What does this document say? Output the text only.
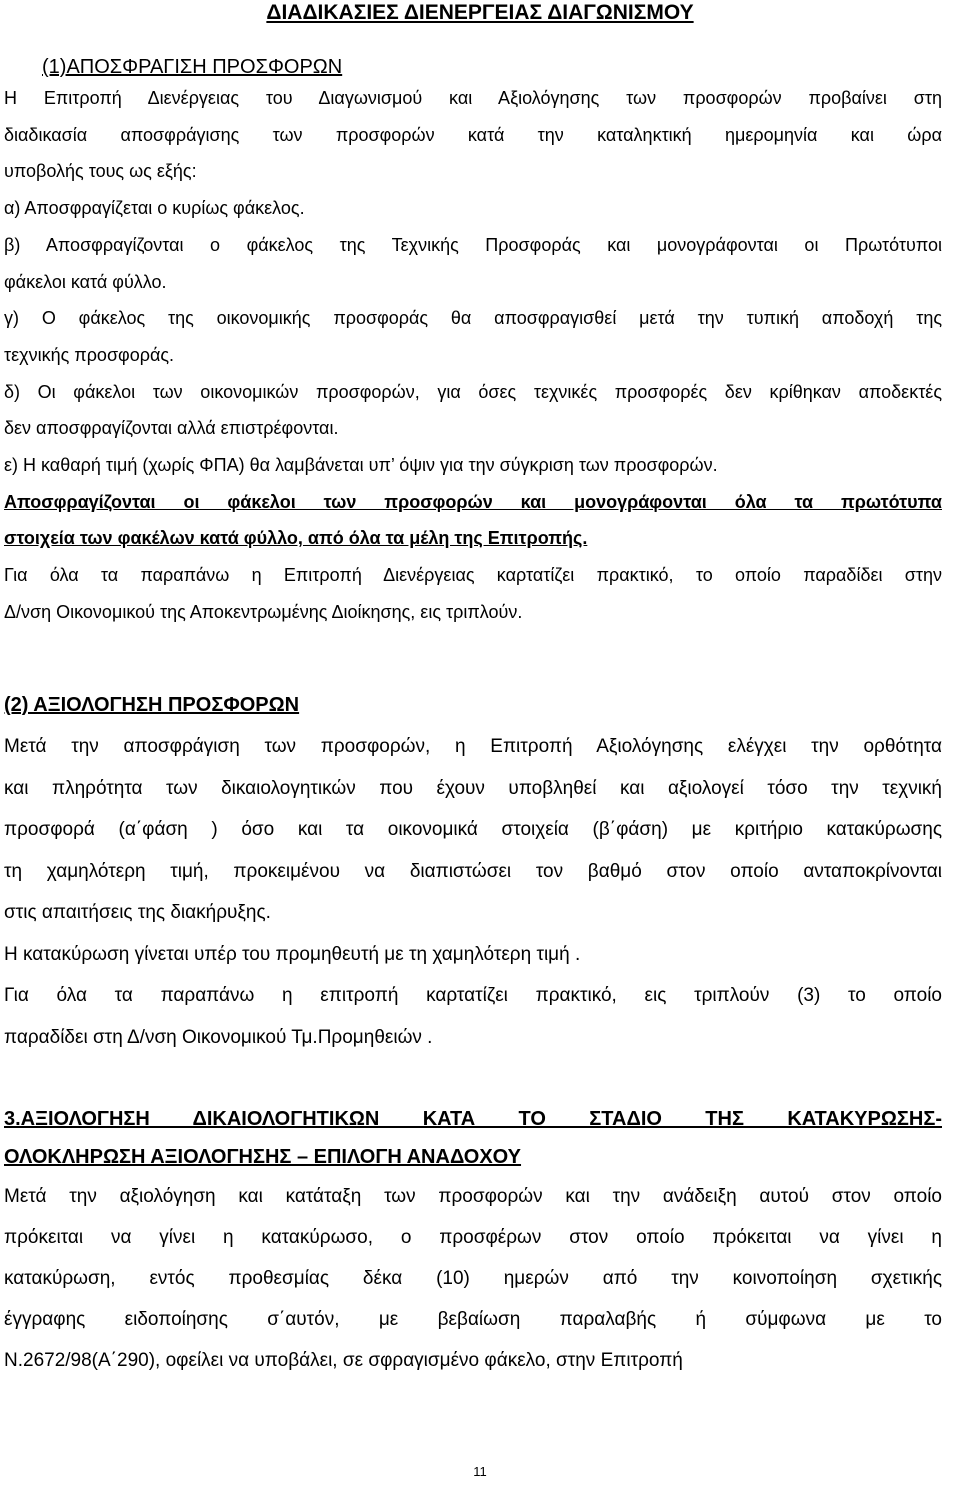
ΔΙΑΔΙΚΑΣΙΕΣ ΔΙΕΝΕΡΓΕΙΑΣ ΔΙΑΓΩΝΙΣΜΟΥ
(1)ΑΠΟΣΦΡΑΓΙΣΗ ΠΡΟΣΦΟΡΩΝ
Η Επιτροπή Διενέργειας του Διαγωνισμού και Αξιολόγησης των προσφορών προβαίνει στη
διαδικασία αποσφράγισης των προσφορών κατά την καταληκτική ημερομηνία και ώρα
υποβολής τους ως εξής:
α) Αποσφραγίζεται ο κυρίως φάκελος.
β) Αποσφραγίζονται ο φάκελος της Τεχνικής Προσφοράς και μονογράφονται οι Πρωτότυποι
φάκελοι κατά φύλλο.
γ) Ο φάκελος της οικονομικής προσφοράς θα αποσφραγισθεί μετά την τυπική αποδοχή της
τεχνικής προσφοράς.
δ) Οι φάκελοι των οικονομικών προσφορών, για όσες τεχνικές προσφορές δεν κρίθηκαν αποδεκτές
δεν αποσφραγίζονται αλλά επιστρέφονται.
ε) Η καθαρή τιμή (χωρίς ΦΠΑ) θα λαμβάνεται υπ’ όψιν για την σύγκριση των προσφορών.
Αποσφραγίζονται οι φάκελοι των προσφορών και μονογράφονται όλα τα πρωτότυπα
στοιχεία των φακέλων κατά φύλλο, από όλα τα μέλη της Επιτροπής.
Για όλα τα παραπάνω η Επιτροπή Διενέργειας καρτατίζει πρακτικό, το οποίο παραδίδει στην
Δ/νση Οικονομικού της Αποκεντρωμένης Διοίκησης, εις τριπλούν.
(2) ΑΞΙΟΛΟΓΗΣΗ ΠΡΟΣΦΟΡΩΝ
Μετά την αποσφράγιση των προσφορών, η Επιτροπή Αξιολόγησης ελέγχει την ορθότητα
και πληρότητα των δικαιολογητικών που έχουν υποβληθεί και αξιολογεί τόσο την τεχνική
προσφορά (α΄φάση ) όσο και τα οικονομικά στοιχεία (β΄φάση) με κριτήριο κατακύρωσης
τη χαμηλότερη τιμή, προκειμένου να διαπιστώσει τον βαθμό στον οποίο ανταποκρίνονται
στις απαιτήσεις της διακήρυξης.
Η κατακύρωση γίνεται υπέρ του προμηθευτή με τη χαμηλότερη τιμή .
Για όλα τα παραπάνω η επιτροπή καρτατίζει πρακτικό, εις τριπλούν (3) το οποίο
παραδίδει στη Δ/νση Οικονομικού Τμ.Προμηθειών .
3.ΑΞΙΟΛΟΓΗΣΗ ΔΙΚΑΙΟΛΟΓΗΤΙΚΩΝ ΚΑΤΑ ΤΟ ΣΤΑΔΙΟ ΤΗΣ ΚΑΤΑΚΥΡΩΣΗΣ-
ΟΛΟΚΛΗΡΩΣΗ ΑΞΙΟΛΟΓΗΣΗΣ – ΕΠΙΛΟΓΗ ΑΝΑΔΟΧΟΥ
Μετά την αξιολόγηση και κατάταξη των προσφορών και την ανάδειξη αυτού στον οποίο
πρόκειται να γίνει η κατακύρωσο, ο προσφέρων στον οποίο πρόκειται να γίνει η
κατακύρωση, εντός προθεσμίας δέκα (10) ημερών από την κοινοποίηση σχετικής
έγγραφης ειδοποίησης σ΄αυτόν, με βεβαίωση παραλαβής ή σύμφωνα με το
Ν.2672/98(Α΄290), οφείλει να υποβάλει, σε σφραγισμένο φάκελο, στην Επιτροπή
11
